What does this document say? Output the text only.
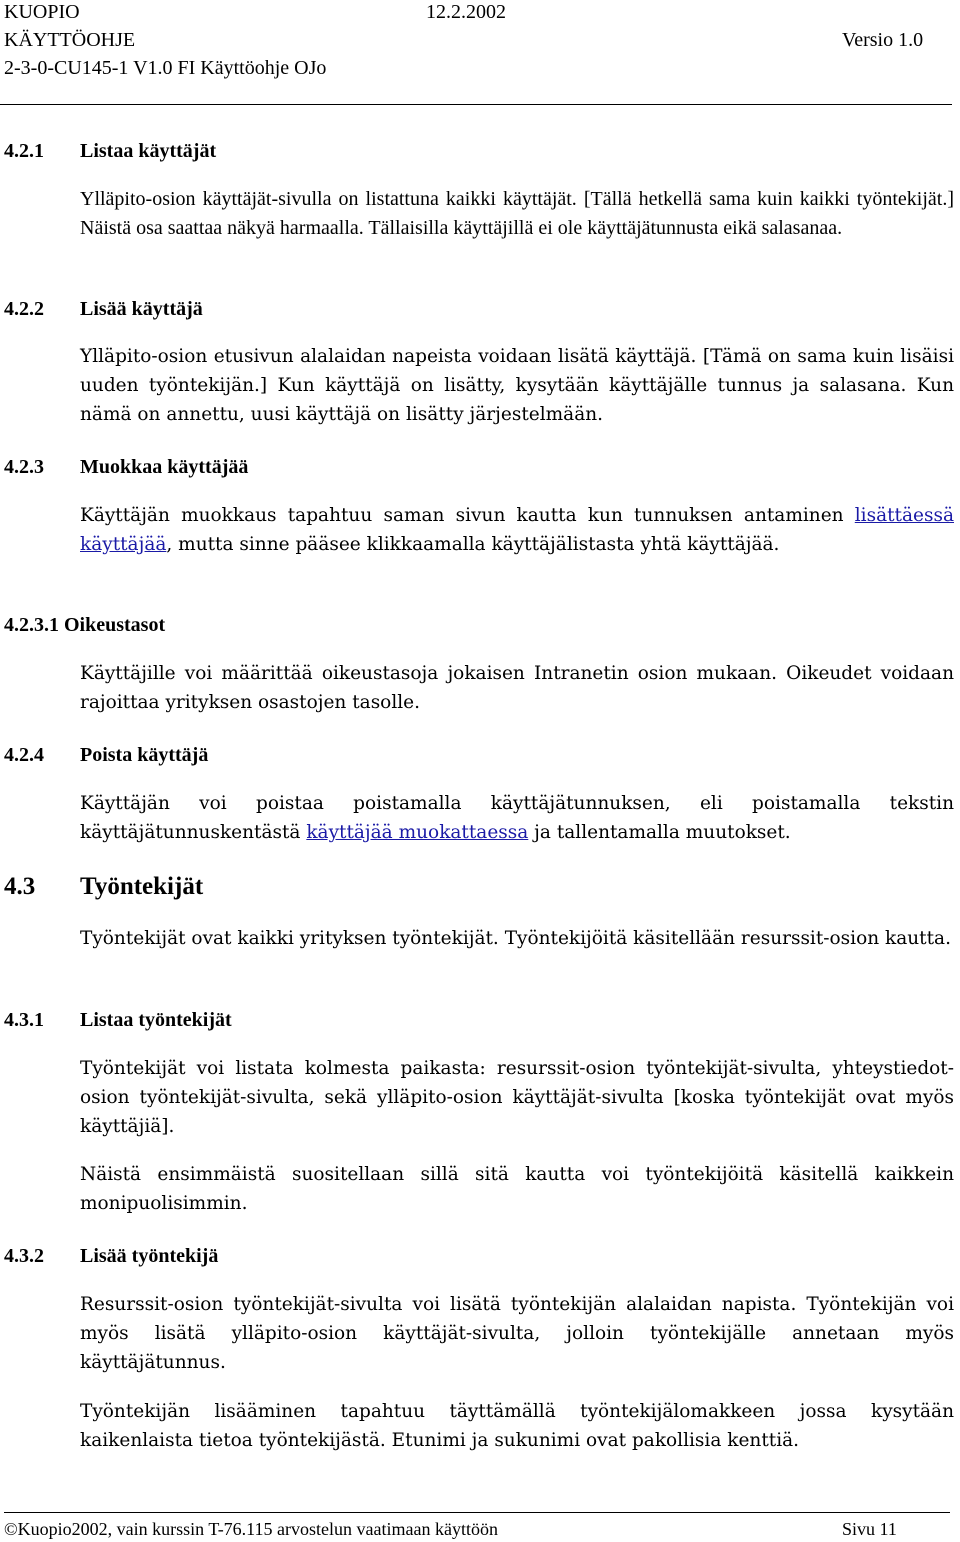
KUOPIO	12.2.2002
KÄYTTÖOHJE	Versio 1.0
2-3-0-CU145-1 V1.0 FI Käyttöohje OJo
4.2.1 Listaa käyttäjät
Ylläpito-osion käyttäjät-sivulla on listattuna kaikki käyttäjät. [Tällä hetkellä sama kuin kaikki työntekijät.] Näistä osa saattaa näkyä harmaalla. Tällaisilla käyttäjillä ei ole käyttäjätunnusta eikä salasanaa.
4.2.2 Lisää käyttäjä
Ylläpito-osion etusivun alalaidan napeista voidaan lisätä käyttäjä. [Tämä on sama kuin lisäisi uuden työntekijän.] Kun käyttäjä on lisätty, kysytään käyttäjälle tunnus ja salasana. Kun nämä on annettu, uusi käyttäjä on lisätty järjestelmään.
4.2.3 Muokkaa käyttäjää
Käyttäjän muokkaus tapahtuu saman sivun kautta kun tunnuksen antaminen lisättäessä käyttäjää, mutta sinne pääsee klikkaamalla käyttäjälistasta yhtä käyttäjää.
4.2.3.1 Oikeustasot
Käyttäjille voi määrittää oikeustasoja jokaisen Intranetin osion mukaan. Oikeudet voidaan rajoittaa yrityksen osastojen tasolle.
4.2.4 Poista käyttäjä
Käyttäjän voi poistaa poistamalla käyttäjätunnuksen, eli poistamalla tekstin käyttäjätunnuskentästä käyttäjää muokattaessa ja tallentamalla muutokset.
4.3 Työntekijät
Työntekijät ovat kaikki yrityksen työntekijät. Työntekijöitä käsitellään resurssit-osion kautta.
4.3.1 Listaa työntekijät
Työntekijät voi listata kolmesta paikasta: resurssit-osion työntekijät-sivulta, yhteystiedot-osion työntekijät-sivulta, sekä ylläpito-osion käyttäjät-sivulta [koska työntekijät ovat myös käyttäjiä].
Näistä ensimmäistä suositellaan sillä sitä kautta voi työntekijöitä käsitellä kaikkein monipuolisimmin.
4.3.2 Lisää työntekijä
Resurssit-osion työntekijät-sivulta voi lisätä työntekijän alalaidan napista. Työntekijän voi myös lisätä ylläpito-osion käyttäjät-sivulta, jolloin työntekijälle annetaan myös käyttäjätunnus.
Työntekijän lisääminen tapahtuu täyttämällä työntekijälomakkeen jossa kysytään kaikenlaista tietoa työntekijästä. Etunimi ja sukunimi ovat pakollisia kenttiä.
©Kuopio2002, vain kurssin T-76.115 arvostelun vaatimaan käyttöön	Sivu 11
